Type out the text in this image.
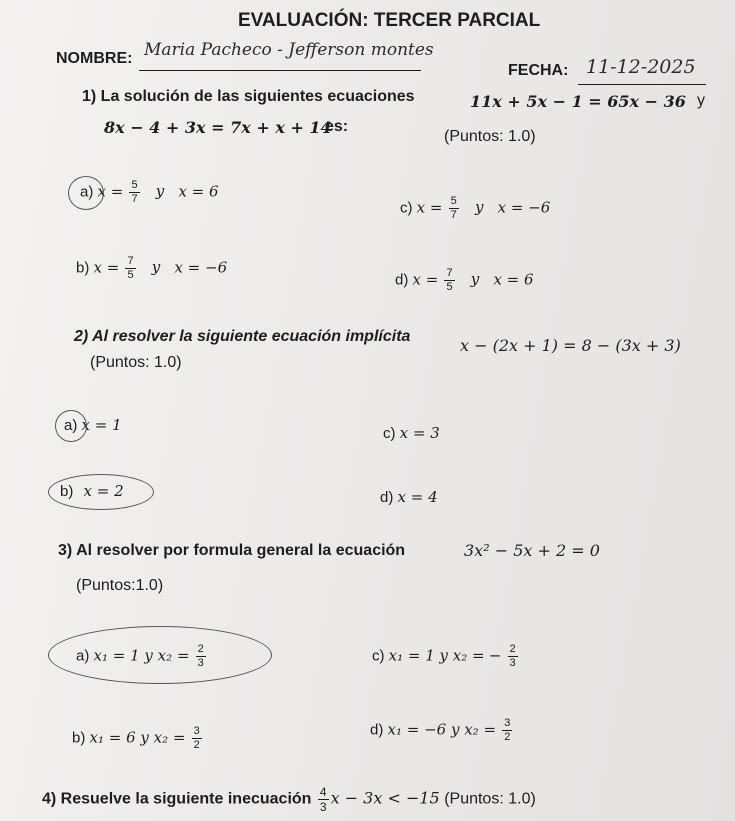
EVALUACIÓN: TERCER PARCIAL
NOMBRE: Maria Pacheco - Jefferson montes
FECHA: 11-12-2025
1) La solución de las siguientes ecuaciones	11x + 5x − 1 = 65x − 36 y
8x − 4 + 3x = 7x + x + 14
es:
(Puntos: 1.0)
a) $x = \frac{5}{7}$ y x = 6
b) $x = \frac{7}{5}$ y x = −6
c) $x = \frac{5}{7}$ y x = −6
d) $x = \frac{7}{5}$ y x = 6
2) Al resolver la siguiente ecuación implícita	x − (2x + 1) = 8 − (3x + 3)
(Puntos: 1.0)
a) x = 1
b) x = 2
c) x = 3
d) x = 4
3) Al resolver por formula general la ecuación	3x² − 5x + 2 = 0
(Puntos:1.0)
a) x₁ = 1 y $x_2 = \frac{2}{3}$
b) x₁ = 6 y $x_2 = \frac{3}{2}$
c) x₁ = 1 y x₂ = − $\frac{2}{3}$
d) x₁ = −6 y $x_2 = \frac{3}{2}$
4) Resuelve la siguiente inecuación $\frac{4}{3}$ x − 3x < −15 (Puntos: 1.0)
